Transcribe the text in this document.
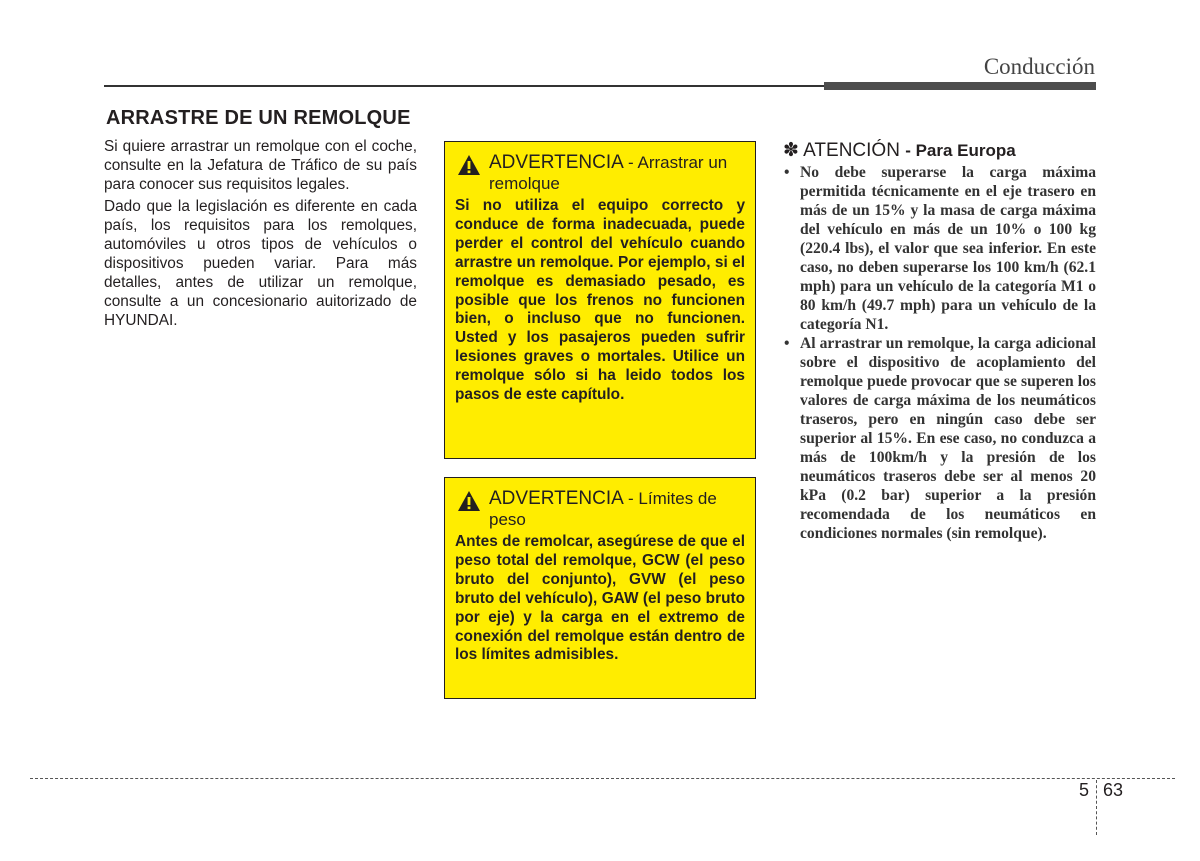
Conducción
ARRASTRE DE UN REMOLQUE

Si quiere arrastrar un remolque con el coche, consulte en la Jefatura de Tráfico de su país para conocer sus requisitos legales.

Dado que la legislación es diferente en cada país, los requisitos para los remolques, automóviles u otros tipos de vehículos o dispositivos pueden variar. Para más detalles, antes de utilizar un remolque, consulte a un concesionario auitorizado de HYUNDAI.

ADVERTENCIA - Arrastrar un remolque
Si no utiliza el equipo correcto y conduce de forma inadecuada, puede perder el control del vehículo cuando arrastre un remolque. Por ejemplo, si el remolque es demasiado pesado, es posible que los frenos no funcionen bien, o incluso que no funcionen. Usted y los pasajeros pueden sufrir lesiones graves o mortales. Utilice un remolque sólo si ha leido todos los pasos de este capítulo.
ADVERTENCIA - Límites de peso
Antes de remolcar, asegúrese de que el peso total del remolque, GCW (el peso bruto del conjunto), GVW (el peso bruto del vehículo), GAW (el peso bruto por eje) y la carga en el extremo de conexión del remolque están dentro de los límites admisibles.
✽ ATENCIÓN - Para Europa
• No debe superarse la carga máxima permitida técnicamente en el eje trasero en más de un 15% y la masa de carga máxima del vehículo en más de un 10% o 100 kg (220.4 lbs), el valor que sea inferior. En este caso, no deben superarse los 100 km/h (62.1 mph) para un vehículo de la categoría M1 o 80 km/h (49.7 mph) para un vehículo de la categoría N1.
• Al arrastrar un remolque, la carga adicional sobre el dispositivo de acoplamiento del remolque puede provocar que se superen los valores de carga máxima de los neumáticos traseros, pero en ningún caso debe ser superior al 15%. En ese caso, no conduzca a más de 100km/h y la presión de los neumáticos traseros debe ser al menos 20 kPa (0.2 bar) superior a la presión recomendada de los neumáticos en condiciones normales (sin remolque).
5 63
